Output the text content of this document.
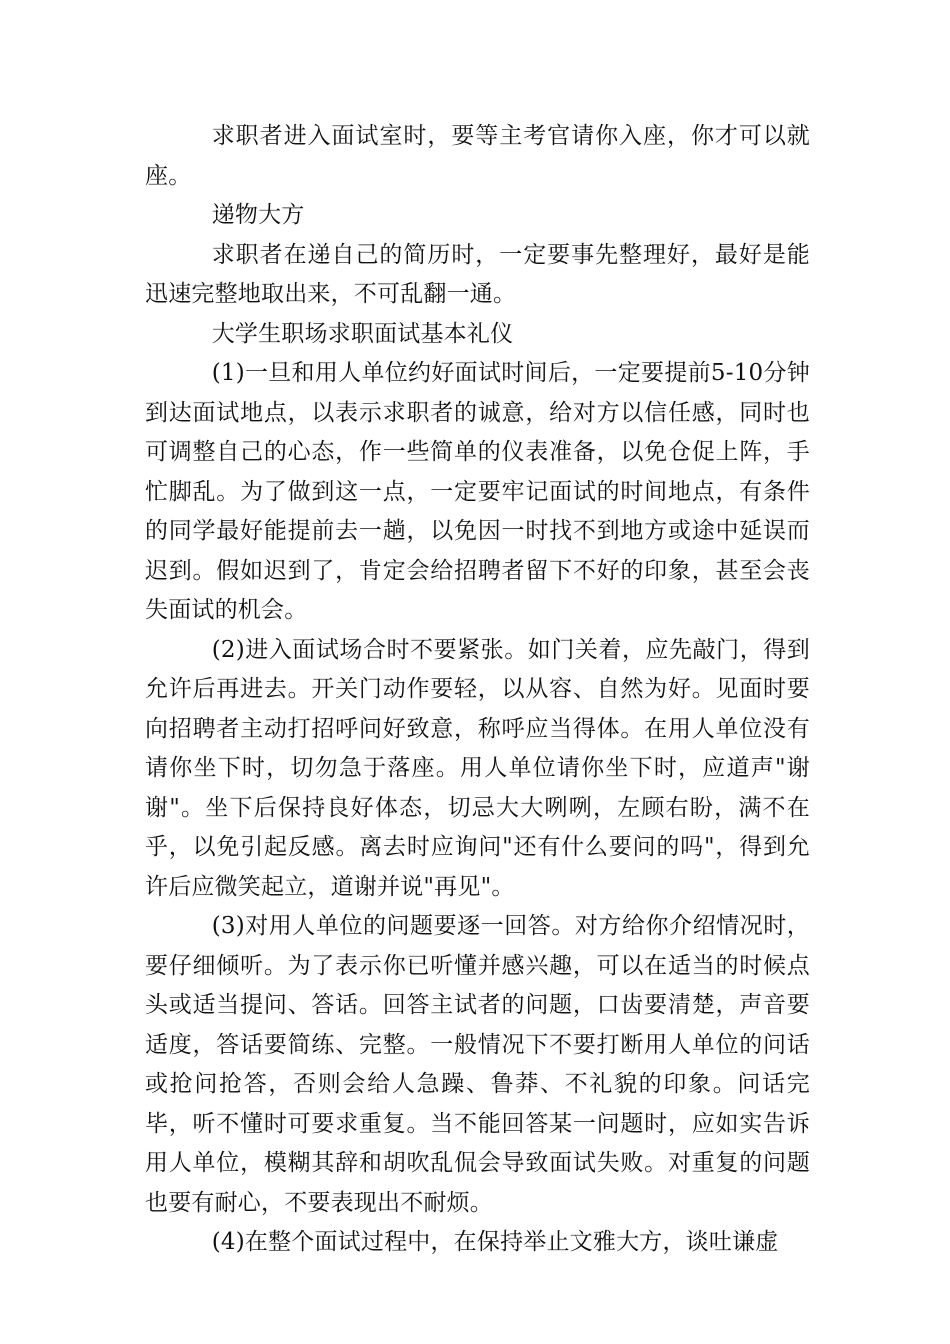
求职者进入面试室时，要等主考官请你入座，你才可以就座。

递物大方

求职者在递自己的简历时，一定要事先整理好，最好是能迅速完整地取出来，不可乱翻一通。

大学生职场求职面试基本礼仪

(1)一旦和用人单位约好面试时间后，一定要提前5-10分钟到达面试地点，以表示求职者的诚意，给对方以信任感，同时也可调整自己的心态，作一些简单的仪表准备，以免仓促上阵，手忙脚乱。为了做到这一点，一定要牢记面试的时间地点，有条件的同学最好能提前去一趟，以免因一时找不到地方或途中延误而迟到。假如迟到了，肯定会给招聘者留下不好的印象，甚至会丧失面试的机会。

(2)进入面试场合时不要紧张。如门关着，应先敲门，得到允许后再进去。开关门动作要轻，以从容、自然为好。见面时要向招聘者主动打招呼问好致意，称呼应当得体。在用人单位没有请你坐下时，切勿急于落座。用人单位请你坐下时，应道声"谢谢"。坐下后保持良好体态，切忌大大咧咧，左顾右盼，满不在乎，以免引起反感。离去时应询问"还有什么要问的吗"，得到允许后应微笑起立，道谢并说"再见"。

(3)对用人单位的问题要逐一回答。对方给你介绍情况时，要仔细倾听。为了表示你已听懂并感兴趣，可以在适当的时候点头或适当提问、答话。回答主试者的问题，口齿要清楚，声音要适度，答话要简练、完整。一般情况下不要打断用人单位的问话或抢问抢答，否则会给人急躁、鲁莽、不礼貌的印象。问话完毕，听不懂时可要求重复。当不能回答某一问题时，应如实告诉用人单位，模糊其辞和胡吹乱侃会导致面试失败。对重复的问题也要有耐心，不要表现出不耐烦。

(4)在整个面试过程中，在保持举止文雅大方，谈吐谦虚
